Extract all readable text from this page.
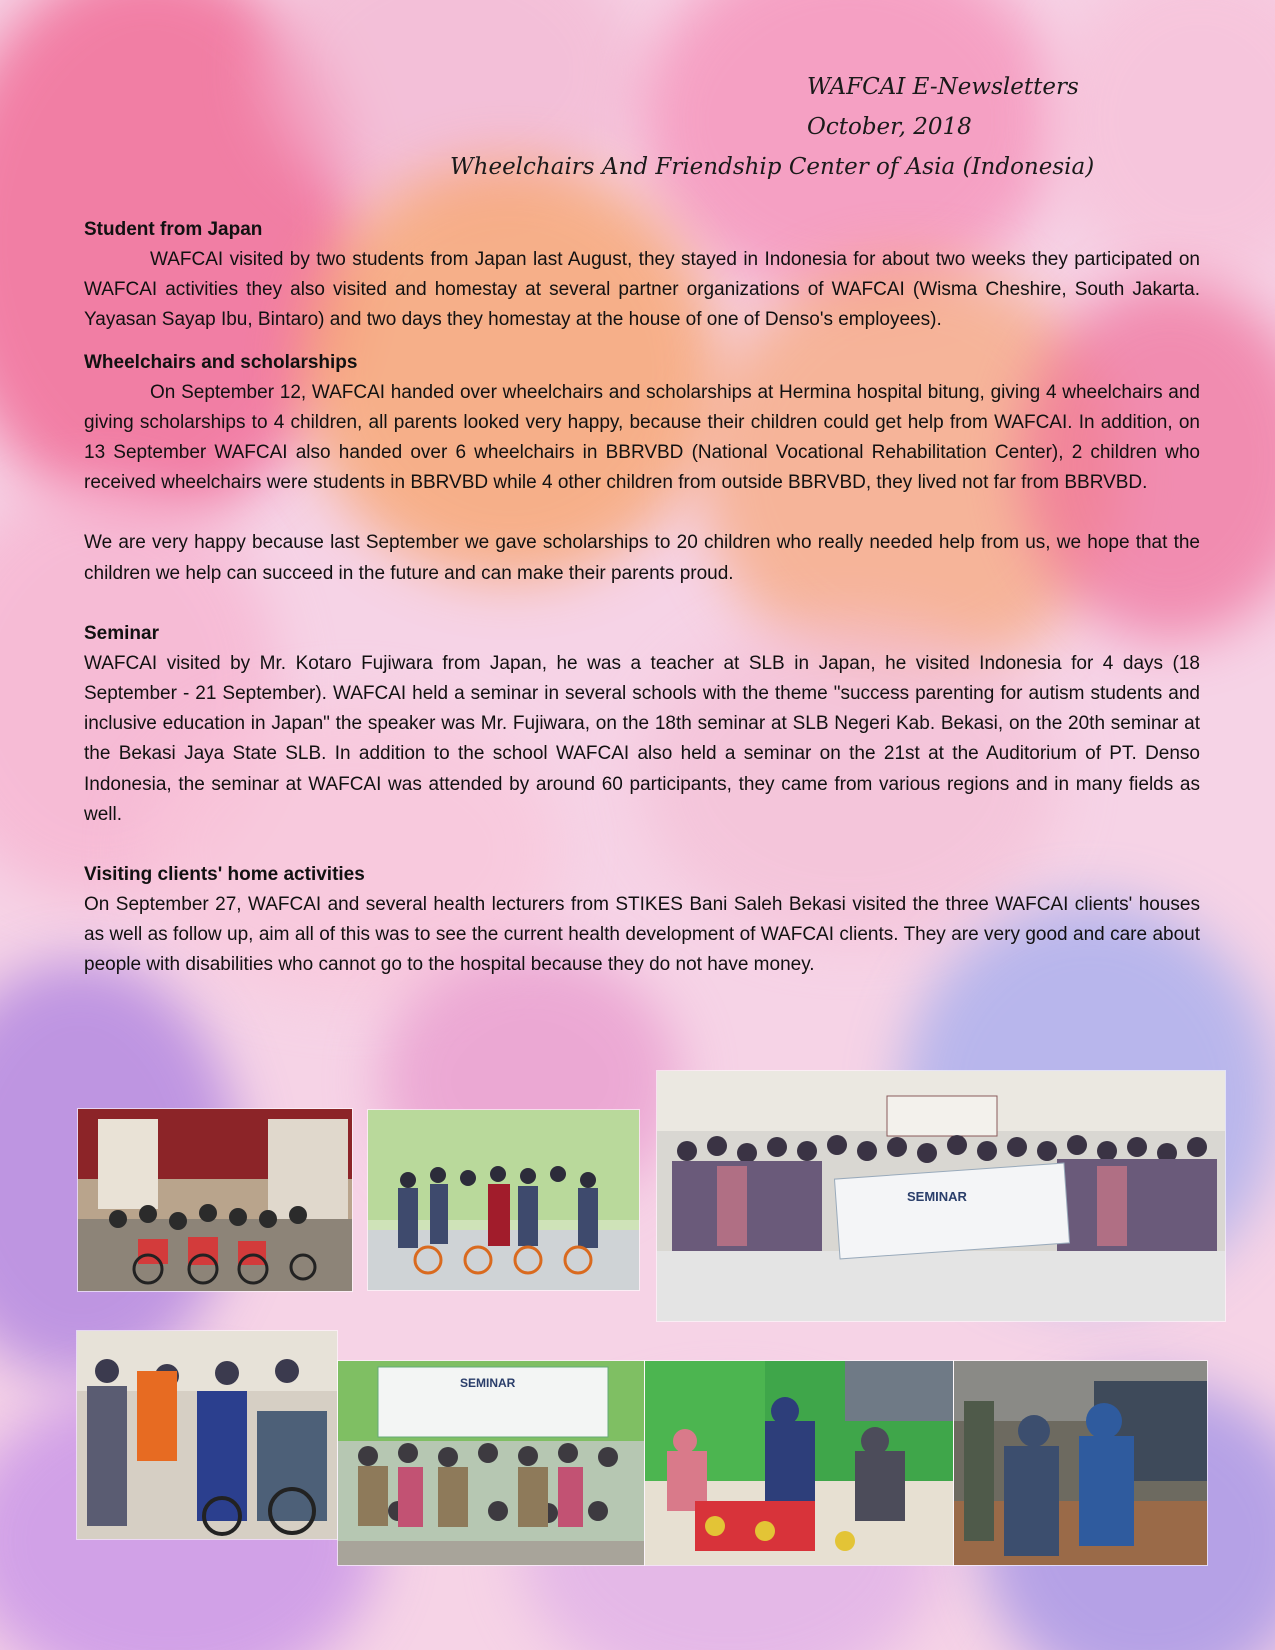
WAFCAI E-Newsletters
October, 2018
Wheelchairs And Friendship Center of Asia (Indonesia)
Student from Japan

WAFCAI visited by two students from Japan last August, they stayed in Indonesia for about two weeks they participated on WAFCAI activities they also visited and homestay at several partner organizations of WAFCAI (Wisma Cheshire, South Jakarta. Yayasan Sayap Ibu, Bintaro) and two days they homestay at the house of one of Denso's employees).

Wheelchairs and scholarships

On September 12, WAFCAI handed over wheelchairs and scholarships at Hermina hospital bitung, giving 4 wheelchairs and giving scholarships to 4 children, all parents looked very happy, because their children could get help from WAFCAI. In addition, on 13 September WAFCAI also handed over 6 wheelchairs in BBRVBD (National Vocational Rehabilitation Center), 2 children who received wheelchairs were students in BBRVBD while 4 other children from outside BBRVBD, they lived not far from BBRVBD.

We are very happy because last September we gave scholarships to 20 children who really needed help from us, we hope that the children we help can succeed in the future and can make their parents proud.

Seminar

WAFCAI visited by Mr. Kotaro Fujiwara from Japan, he was a teacher at SLB in Japan, he visited Indonesia for 4 days (18 September - 21 September). WAFCAI held a seminar in several schools with the theme "success parenting for autism students and inclusive education in Japan" the speaker was Mr. Fujiwara, on the 18th seminar at SLB Negeri Kab. Bekasi, on the 20th seminar at the Bekasi Jaya State SLB. In addition to the school WAFCAI also held a seminar on the 21st at the Auditorium of PT. Denso Indonesia, the seminar at WAFCAI was attended by around 60 participants, they came from various regions and in many fields as well.

Visiting clients' home activities

On September 27, WAFCAI and several health lecturers from STIKES Bani Saleh Bekasi visited the three WAFCAI clients' houses as well as follow up, aim all of this was to see the current health development of WAFCAI clients. They are very good and care about people with disabilities who cannot go to the hospital because they do not have money.

SEMINAR
SEMINAR
